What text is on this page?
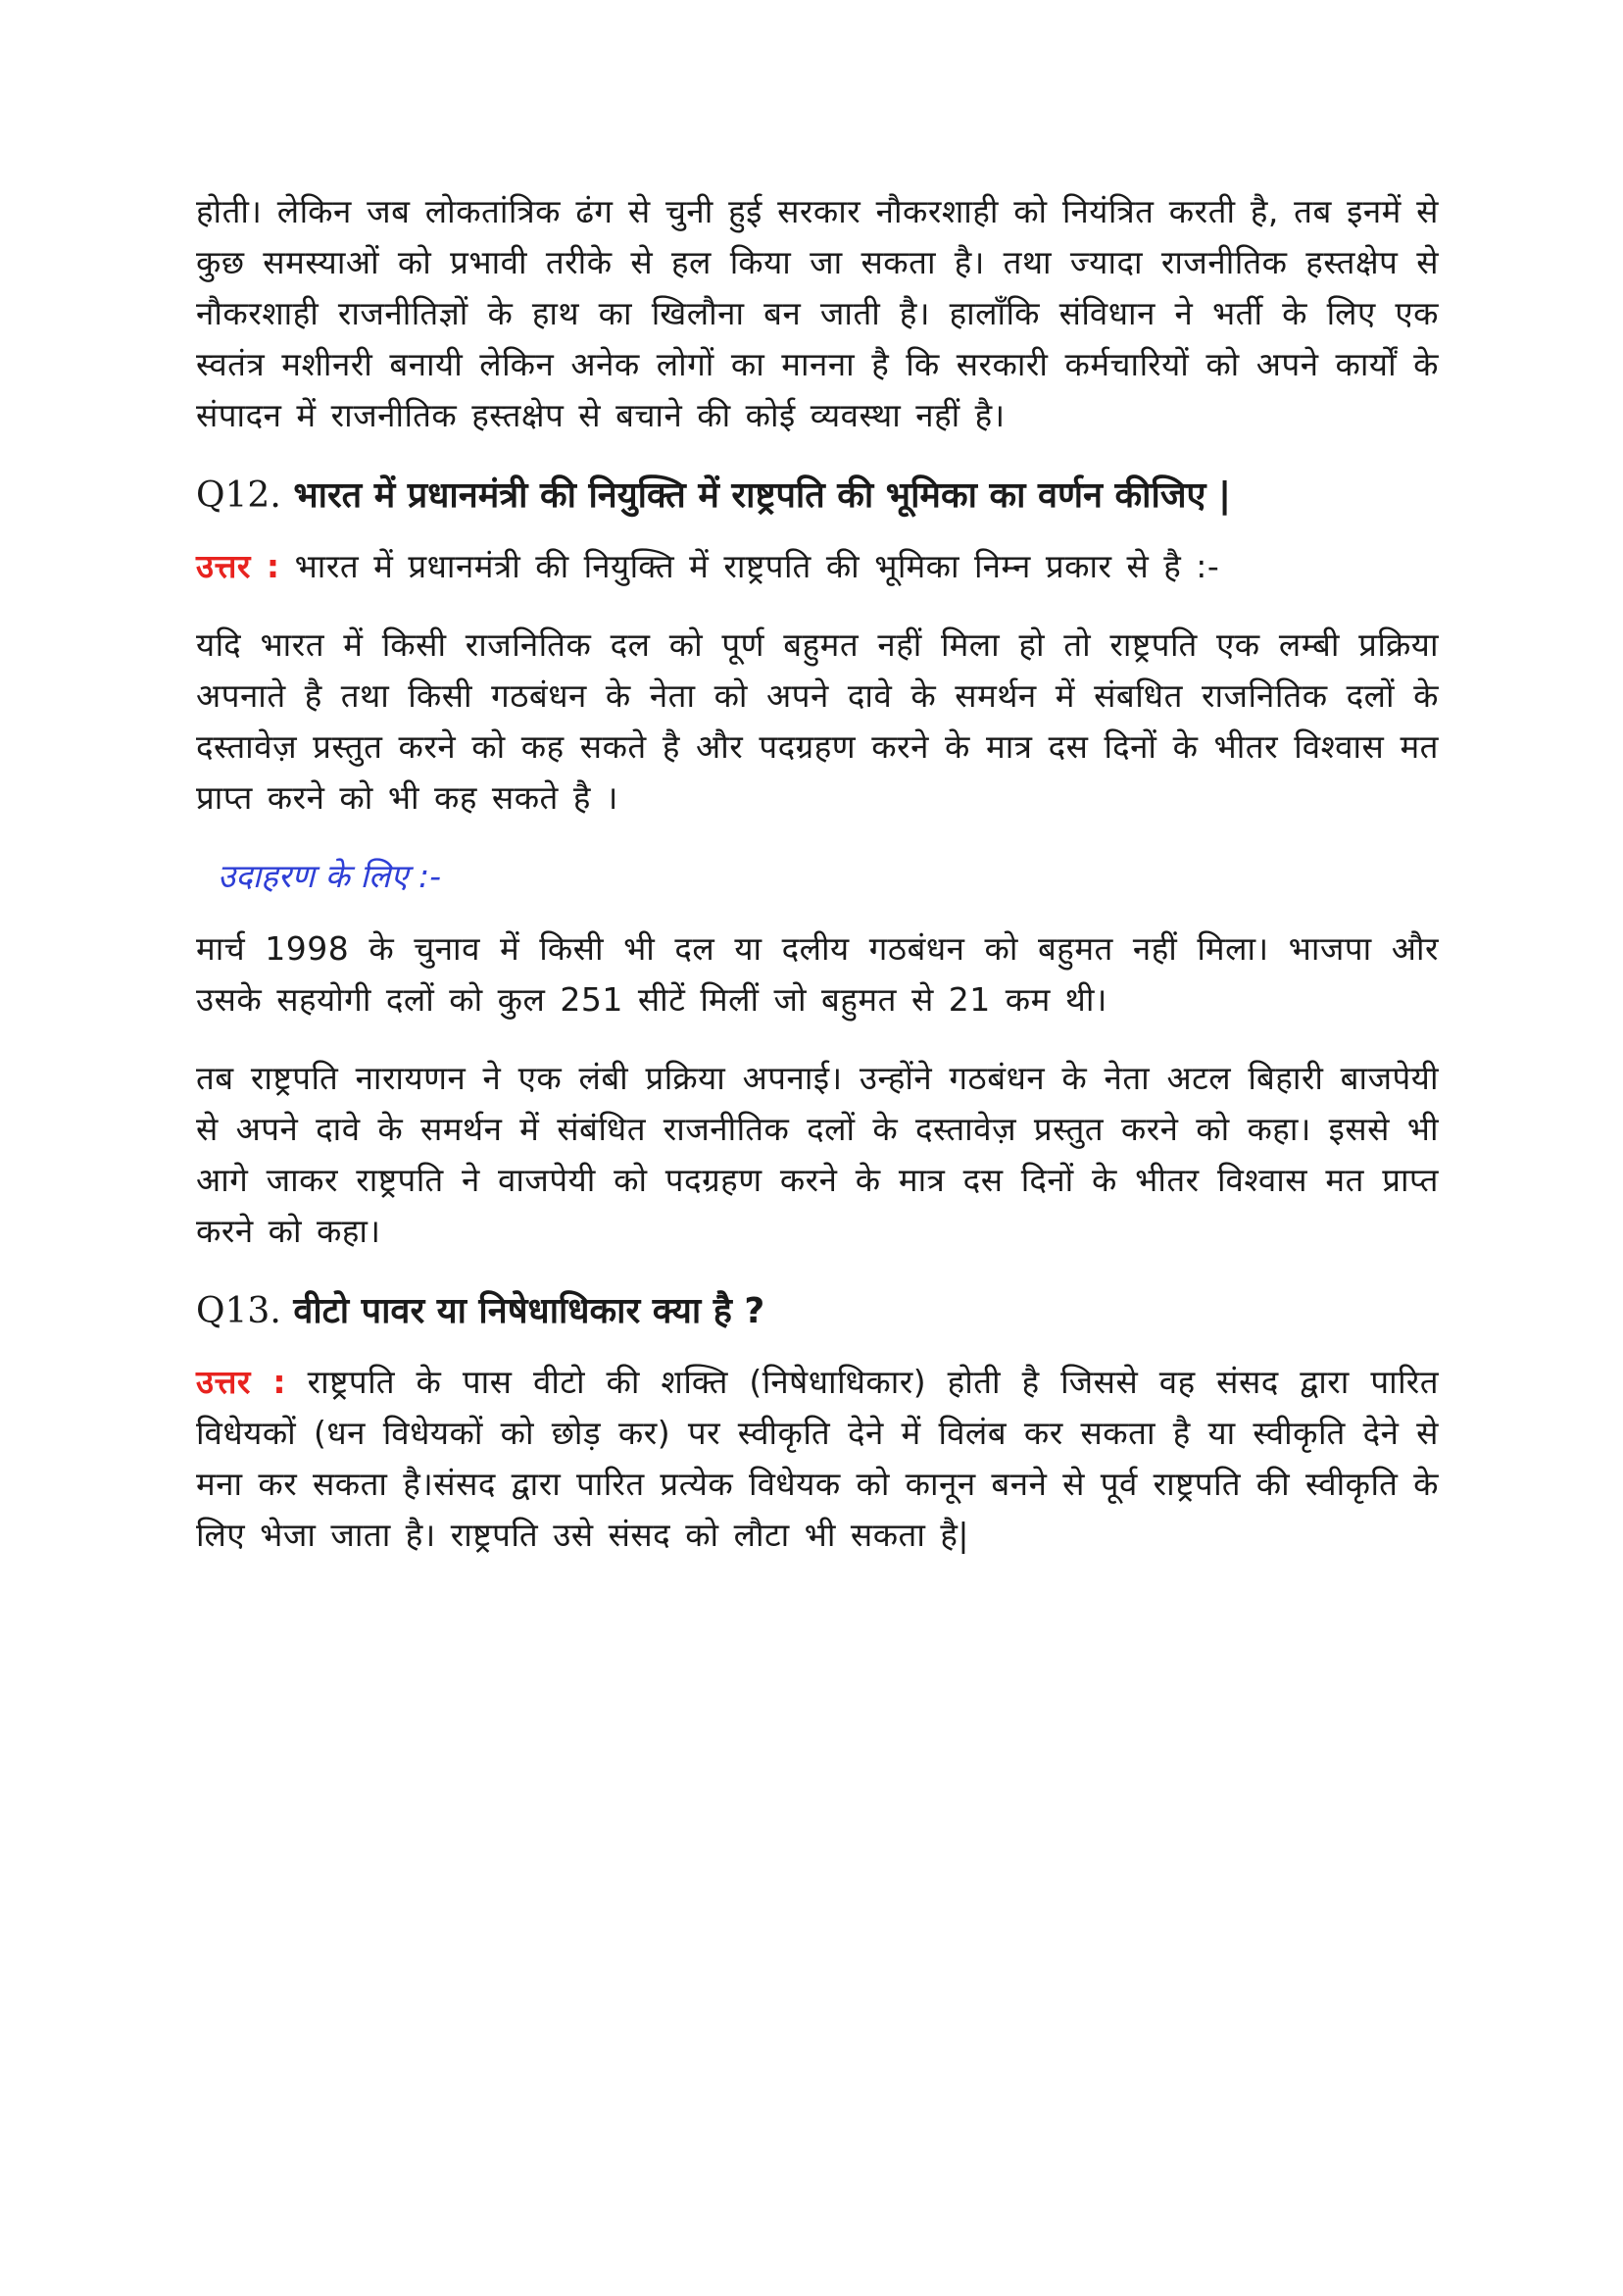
होती। लेकिन जब लोकतांत्रिक ढंग से चुनी हुई सरकार नौकरशाही को नियंत्रित करती है, तब इनमें से कुछ समस्याओं को प्रभावी तरीके से हल किया जा सकता है। तथा ज्यादा राजनीतिक हस्तक्षेप से नौकरशाही राजनीतिज्ञों के हाथ का खिलौना बन जाती है। हालाँकि संविधान ने भर्ती के लिए एक स्वतंत्र मशीनरी बनायी लेकिन अनेक लोगों का मानना है कि सरकारी कर्मचारियों को अपने कार्यों के संपादन में राजनीतिक हस्तक्षेप से बचाने की कोई व्यवस्था नहीं है।

Q12. भारत में प्रधानमंत्री की नियुक्ति में राष्ट्रपति की भूमिका का वर्णन कीजिए |

उत्तर : भारत में प्रधानमंत्री की नियुक्ति में राष्ट्रपति की भूमिका निम्न प्रकार से है :-

यदि भारत में किसी राजनितिक दल को पूर्ण बहुमत नहीं मिला हो तो राष्ट्रपति एक लम्बी प्रक्रिया अपनाते है तथा किसी गठबंधन के नेता को अपने दावे के समर्थन में संबधित राजनितिक दलों के दस्तावेज़ प्रस्तुत करने को कह सकते है और पदग्रहण करने के मात्र दस दिनों के भीतर विश्वास मत प्राप्त करने को भी कह सकते है ।

उदाहरण के लिए :-

मार्च 1998 के चुनाव में किसी भी दल या दलीय गठबंधन को बहुमत नहीं मिला। भाजपा और उसके सहयोगी दलों को कुल 251 सीटें मिलीं जो बहुमत से 21 कम थी।

तब राष्ट्रपति नारायणन ने एक लंबी प्रक्रिया अपनाई। उन्होंने गठबंधन के नेता अटल बिहारी बाजपेयी से अपने दावे के समर्थन में संबंधित राजनीतिक दलों के दस्तावेज़ प्रस्तुत करने को कहा। इससे भी आगे जाकर राष्ट्रपति ने वाजपेयी को पदग्रहण करने के मात्र दस दिनों के भीतर विश्वास मत प्राप्त करने को कहा।

Q13. वीटो पावर या निषेधाधिकार क्या है ?

उत्तर : राष्ट्रपति के पास वीटो की शक्ति (निषेधाधिकार) होती है जिससे वह संसद द्वारा पारित विधेयकों (धन विधेयकों को छोड़ कर) पर स्वीकृति देने में विलंब कर सकता है या स्वीकृति देने से मना कर सकता है।संसद द्वारा पारित प्रत्येक विधेयक को कानून बनने से पूर्व राष्ट्रपति की स्वीकृति के लिए भेजा जाता है। राष्ट्रपति उसे संसद को लौटा भी सकता है|
